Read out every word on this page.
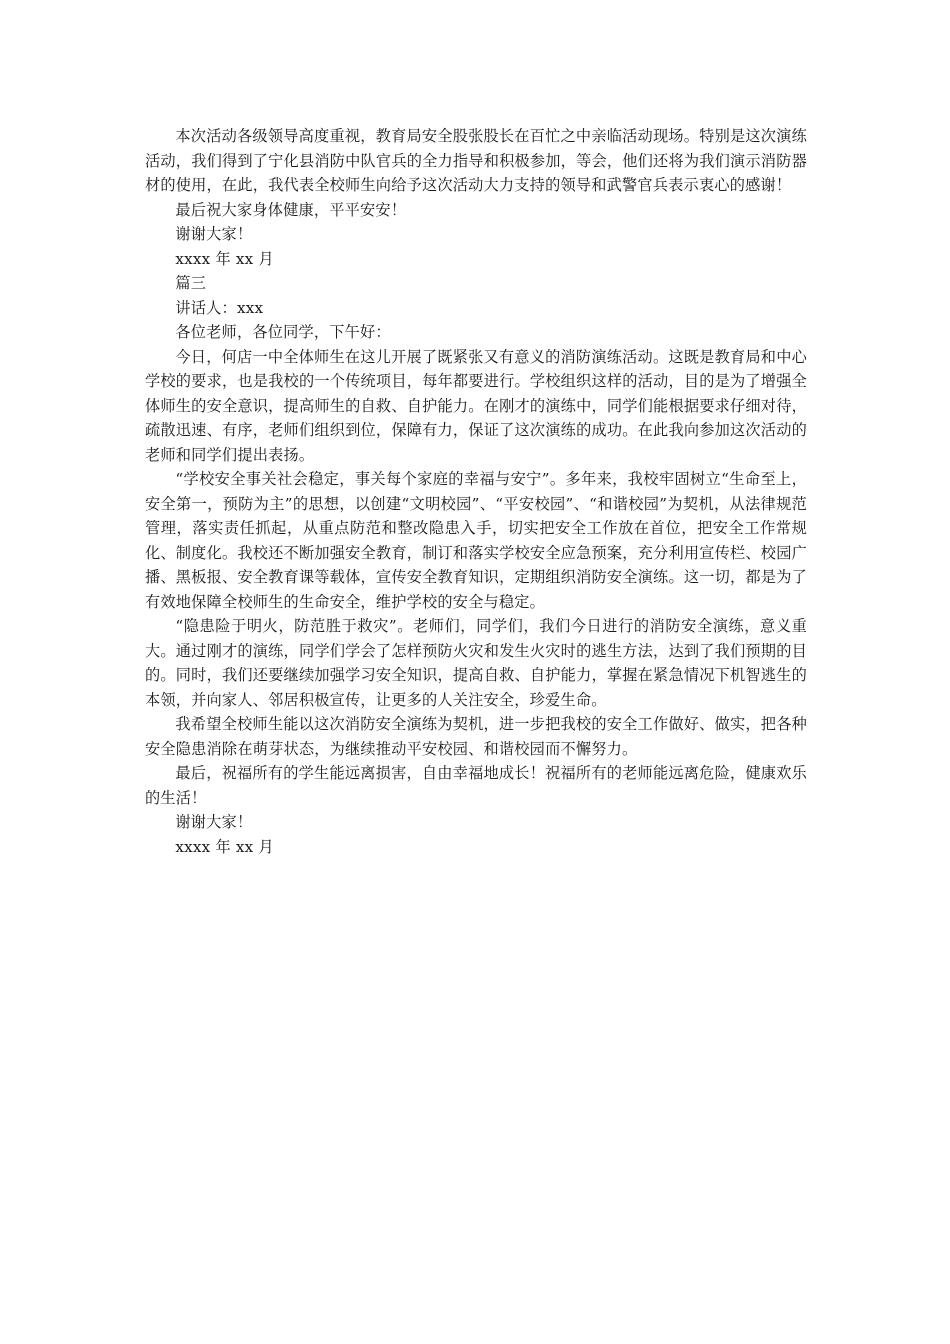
本次活动各级领导高度重视，教育局安全股张股长在百忙之中亲临活动现场。特别是这次演练活动，我们得到了宁化县消防中队官兵的全力指导和积极参加，等会，他们还将为我们演示消防器材的使用，在此，我代表全校师生向给予这次活动大力支持的领导和武警官兵表示衷心的感谢！

最后祝大家身体健康，平平安安！

谢谢大家！

xxxx 年 xx 月

篇三

讲话人：xxx

各位老师，各位同学，下午好：

今日，何店一中全体师生在这儿开展了既紧张又有意义的消防演练活动。这既是教育局和中心学校的要求，也是我校的一个传统项目，每年都要进行。学校组织这样的活动，目的是为了增强全体师生的安全意识，提高师生的自救、自护能力。在刚才的演练中，同学们能根据要求仔细对待，疏散迅速、有序，老师们组织到位，保障有力，保证了这次演练的成功。在此我向参加这次活动的老师和同学们提出表扬。

“学校安全事关社会稳定，事关每个家庭的幸福与安宁”。多年来，我校牢固树立“生命至上，安全第一，预防为主”的思想，以创建“文明校园”、“平安校园”、“和谐校园”为契机，从法律规范管理，落实责任抓起，从重点防范和整改隐患入手，切实把安全工作放在首位，把安全工作常规化、制度化。我校还不断加强安全教育，制订和落实学校安全应急预案，充分利用宣传栏、校园广播、黑板报、安全教育课等载体，宣传安全教育知识，定期组织消防安全演练。这一切，都是为了有效地保障全校师生的生命安全，维护学校的安全与稳定。

“隐患险于明火，防范胜于救灾”。老师们，同学们，我们今日进行的消防安全演练，意义重大。通过刚才的演练，同学们学会了怎样预防火灾和发生火灾时的逃生方法，达到了我们预期的目的。同时，我们还要继续加强学习安全知识，提高自救、自护能力，掌握在紧急情况下机智逃生的本领，并向家人、邻居积极宣传，让更多的人关注安全，珍爱生命。

我希望全校师生能以这次消防安全演练为契机，进一步把我校的安全工作做好、做实，把各种安全隐患消除在萌芽状态，为继续推动平安校园、和谐校园而不懈努力。

最后，祝福所有的学生能远离损害，自由幸福地成长！祝福所有的老师能远离危险，健康欢乐的生活！

谢谢大家！

xxxx 年 xx 月
